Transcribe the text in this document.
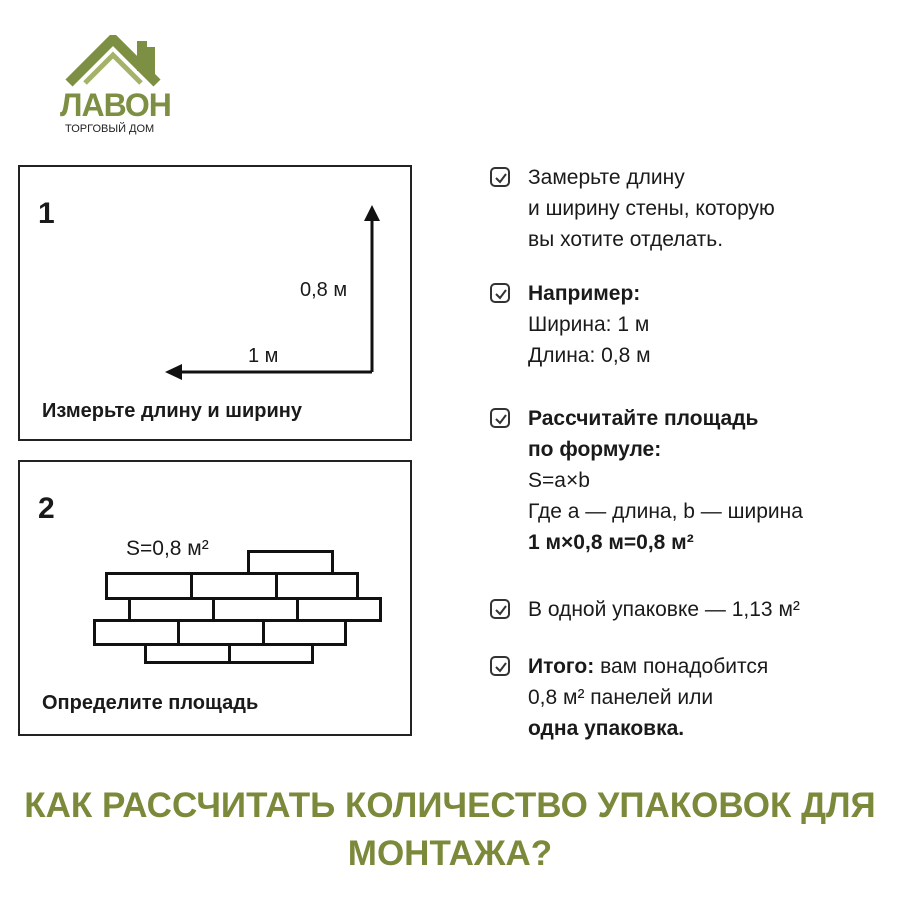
ЛАВОН
ТОРГОВЫЙ ДОМ
1
0,8 м
1 м
Измерьте длину и ширину
2
S=0,8 м²
Определите площадь
Замерьте длину
и ширину стены, которую
вы хотите отделать.
Например:
Ширина: 1 м
Длина: 0,8 м
Рассчитайте площадь
по формуле:
S=a×b
Где a — длина, b — ширина
1 м×0,8 м=0,8 м²
В одной упаковке — 1,13 м²
Итого: вам понадобится
0,8 м² панелей или
одна упаковка.
КАК РАССЧИТАТЬ КОЛИЧЕСТВО УПАКОВОК ДЛЯ
МОНТАЖА?
